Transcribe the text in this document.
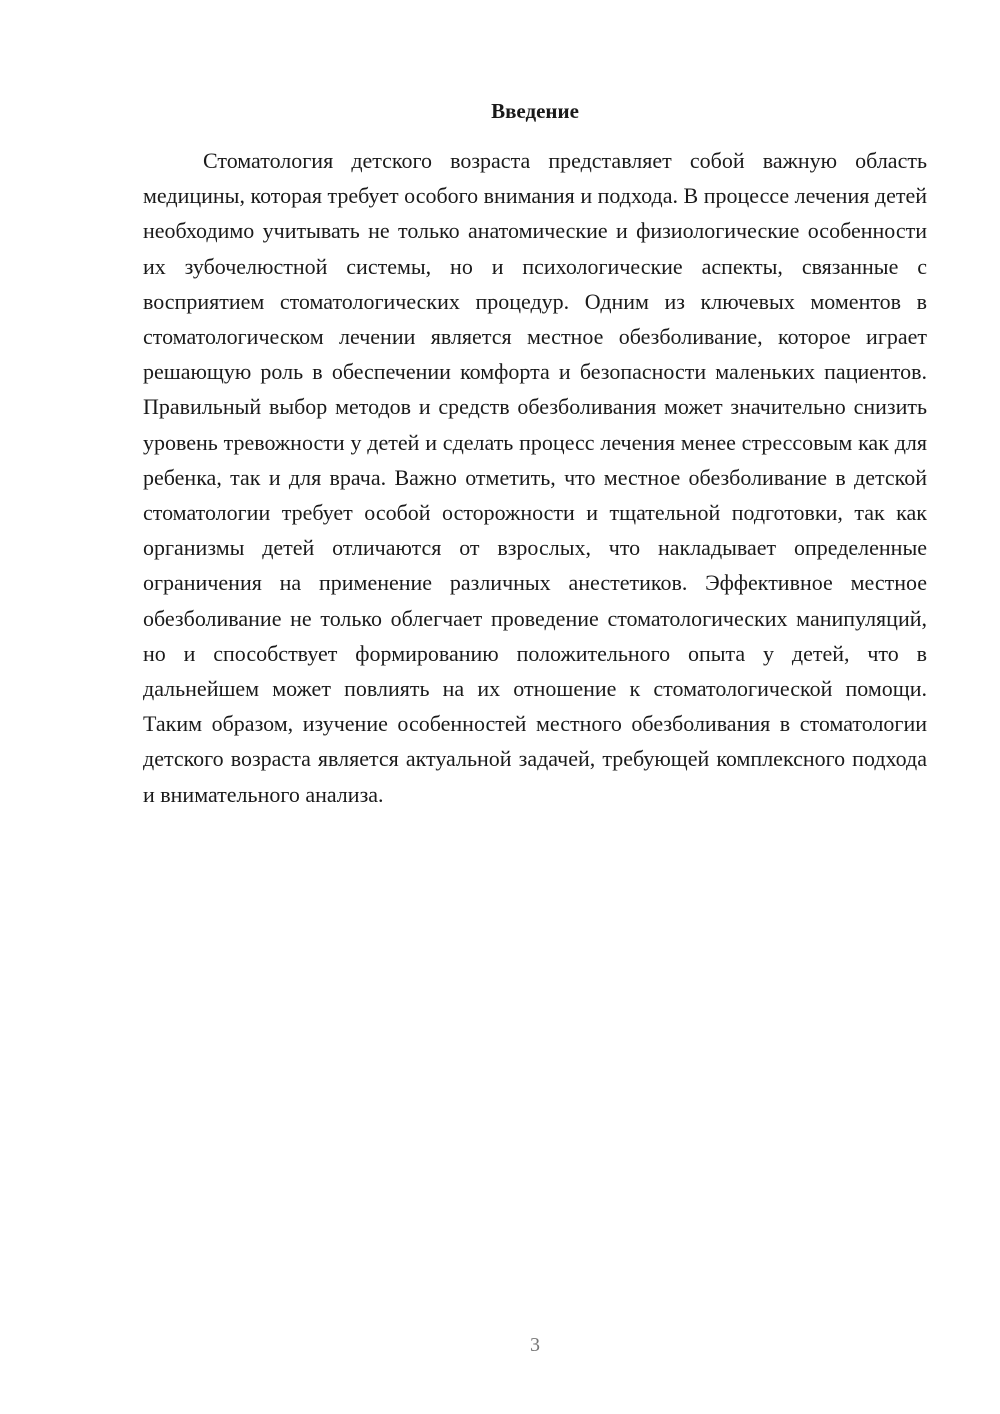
Введение

Стоматология детского возраста представляет собой важную область медицины, которая требует особого внимания и подхода. В процессе лечения детей необходимо учитывать не только анатомические и физиологические особенности их зубочелюстной системы, но и психологические аспекты, связанные с восприятием стоматологических процедур. Одним из ключевых моментов в стоматологическом лечении является местное обезболивание, которое играет решающую роль в обеспечении комфорта и безопасности маленьких пациентов. Правильный выбор методов и средств обезболивания может значительно снизить уровень тревожности у детей и сделать процесс лечения менее стрессовым как для ребенка, так и для врача. Важно отметить, что местное обезболивание в детской стоматологии требует особой осторожности и тщательной подготовки, так как организмы детей отличаются от взрослых, что накладывает определенные ограничения на применение различных анестетиков. Эффективное местное обезболивание не только облегчает проведение стоматологических манипуляций, но и способствует формированию положительного опыта у детей, что в дальнейшем может повлиять на их отношение к стоматологической помощи. Таким образом, изучение особенностей местного обезболивания в стоматологии детского возраста является актуальной задачей, требующей комплексного подхода и внимательного анализа.

3
